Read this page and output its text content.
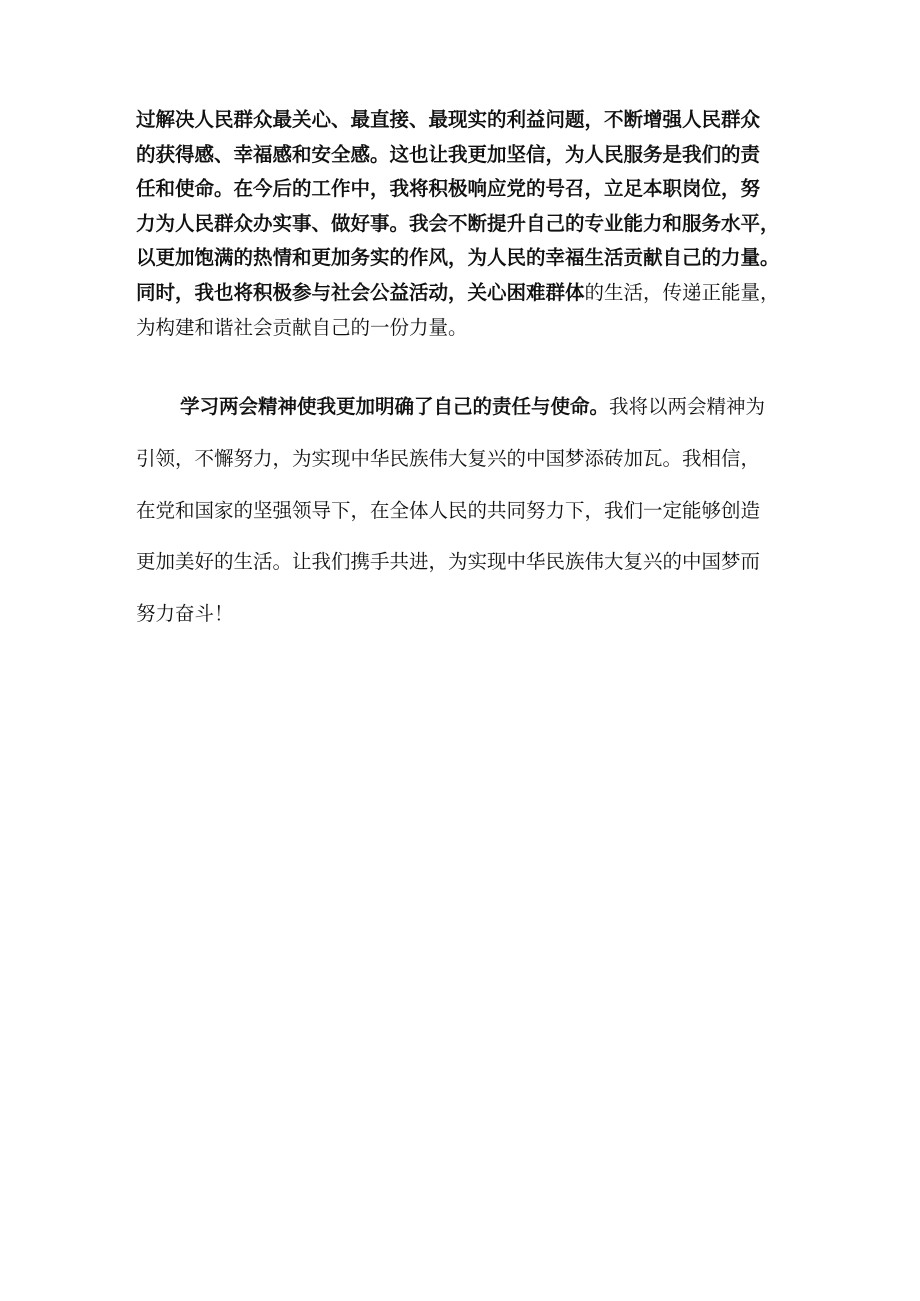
过解决人民群众最关心、最直接、最现实的利益问题，不断增强人民群众
的获得感、幸福感和安全感。这也让我更加坚信，为人民服务是我们的责
任和使命。在今后的工作中，我将积极响应党的号召，立足本职岗位，努
力为人民群众办实事、做好事。我会不断提升自己的专业能力和服务水平，
以更加饱满的热情和更加务实的作风，为人民的幸福生活贡献自己的力量。
同时，我也将积极参与社会公益活动，关心困难群体的生活，传递正能量，
为构建和谐社会贡献自己的一份力量。

学习两会精神使我更加明确了自己的责任与使命。我将以两会精神为
引领，不懈努力，为实现中华民族伟大复兴的中国梦添砖加瓦。我相信，
在党和国家的坚强领导下，在全体人民的共同努力下，我们一定能够创造
更加美好的生活。让我们携手共进，为实现中华民族伟大复兴的中国梦而
努力奋斗！
